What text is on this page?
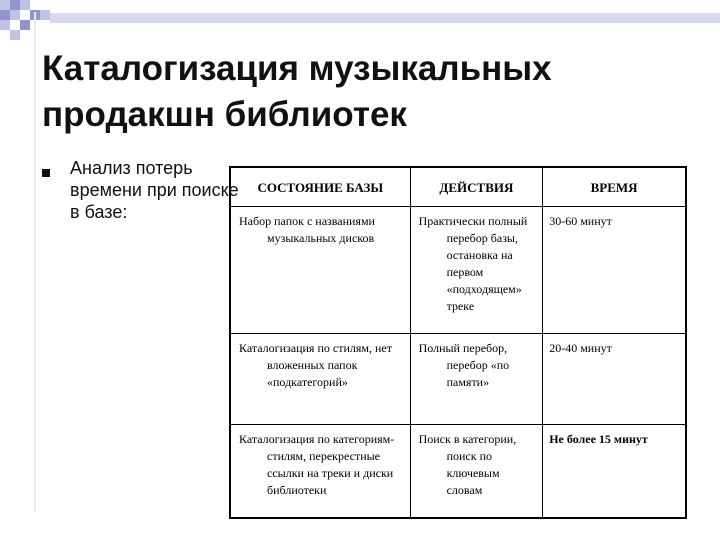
Каталогизация музыкальных продакшн библиотек
Анализ потерь
времени при поиске
в базе:
СОСТОЯНИЕ БАЗЫ	ДЕЙСТВИЯ	ВРЕМЯ

Набор папок с названиями музыкальных дисков	Практически полный перебор базы, остановка на первом «подходящем» треке	30-60 минут

Каталогизация по стилям, нет вложенных папок «подкатегорий»	Полный перебор, перебор «по памяти»	20-40 минут

Каталогизация по категориям-стилям, перекрестные ссылки на треки и диски библиотеки	Поиск в категории, поиск по ключевым словам	Не более 15 минут
